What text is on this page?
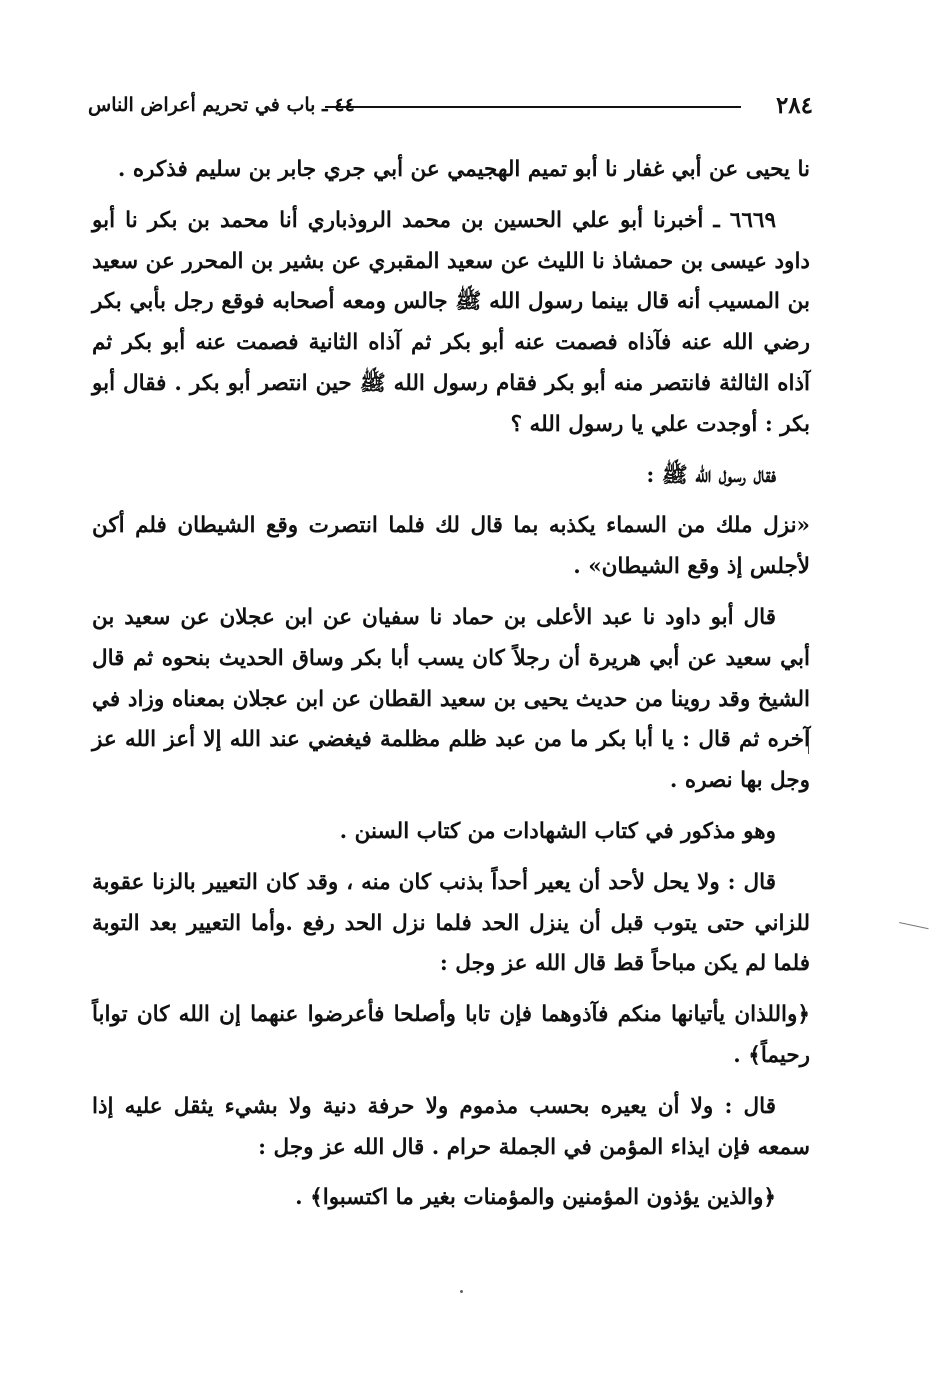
٢٨٤
٤٤ ـ باب في تحريم أعراض الناس

نا يحيى عن أبي غفار نا أبو تميم الهجيمي عن أبي جري جابر بن سليم فذكره .

٦٦٦٩ ـ أخبرنا أبو علي الحسين بن محمد الروذباري أنا محمد بن بكر نا أبو داود عيسى بن حمشاذ نا الليث عن سعيد المقبري عن بشير بن المحرر عن سعيد بن المسيب أنه قال بينما رسول الله ﷺ جالس ومعه أصحابه فوقع رجل بأبي بكر رضي الله عنه فآذاه فصمت عنه أبو بكر ثم آذاه الثانية فصمت عنه أبو بكر ثم آذاه الثالثة فانتصر منه أبو بكر فقام رسول الله ﷺ حين انتصر أبو بكر . فقال أبو بكر : أوجدت علي يا رسول الله ؟

فقال رسول الله ﷺ :

«نزل ملك من السماء يكذبه بما قال لك فلما انتصرت وقع الشيطان فلم أكن لأجلس إذ وقع الشيطان» .

قال أبو داود نا عبد الأعلى بن حماد نا سفيان عن ابن عجلان عن سعيد بن أبي سعيد عن أبي هريرة أن رجلاً كان يسب أبا بكر وساق الحديث بنحوه ثم قال الشيخ وقد روينا من حديث يحيى بن سعيد القطان عن ابن عجلان بمعناه وزاد في آخره ثم قال : يا أبا بكر ما من عبد ظلم مظلمة فيغضي عند الله إلا أعز الله عز وجل بها نصره .

وهو مذكور في كتاب الشهادات من كتاب السنن .

قال : ولا يحل لأحد أن يعير أحداً بذنب كان منه ، وقد كان التعيير بالزنا عقوبة للزاني حتى يتوب قبل أن ينزل الحد فلما نزل الحد رفع .وأما التعيير بعد التوبة فلما لم يكن مباحاً قط قال الله عز وجل :

﴿واللذان يأتيانها منكم فآذوهما فإن تابا وأصلحا فأعرضوا عنهما إن الله كان تواباً رحيماً﴾ .

قال : ولا أن يعيره بحسب مذموم ولا حرفة دنية ولا بشيء يثقل عليه إذا سمعه فإن ايذاء المؤمن في الجملة حرام . قال الله عز وجل :

﴿والذين يؤذون المؤمنين والمؤمنات بغير ما اكتسبوا﴾ .
